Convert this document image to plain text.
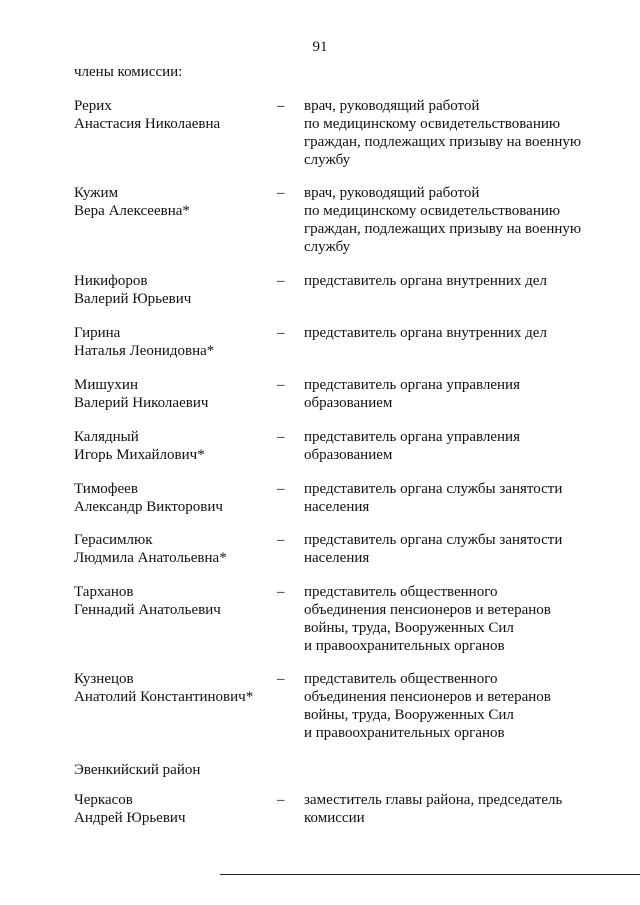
91
члены комиссии:
Рерих
Анастасия Николаевна
– врач, руководящий работой
по медицинскому освидетельствованию
граждан, подлежащих призыву на военную
службу
Кужим
Вера Алексеевна*
– врач, руководящий работой
по медицинскому освидетельствованию
граждан, подлежащих призыву на военную
службу
Никифоров
Валерий Юрьевич
– представитель органа внутренних дел
Гирина
Наталья Леонидовна*
– представитель органа внутренних дел
Мишухин
Валерий Николаевич
– представитель органа управления
образованием
Калядный
Игорь Михайлович*
– представитель органа управления
образованием
Тимофеев
Александр Викторович
– представитель органа службы занятости
населения
Герасимлюк
Людмила Анатольевна*
– представитель органа службы занятости
населения
Тарханов
Геннадий Анатольевич
– представитель общественного
объединения пенсионеров и ветеранов
войны, труда, Вооруженных Сил
и правоохранительных органов
Кузнецов
Анатолий Константинович*
– представитель общественного
объединения пенсионеров и ветеранов
войны, труда, Вооруженных Сил
и правоохранительных органов
Эвенкийский район
Черкасов
Андрей Юрьевич
– заместитель главы района, председатель
комиссии
